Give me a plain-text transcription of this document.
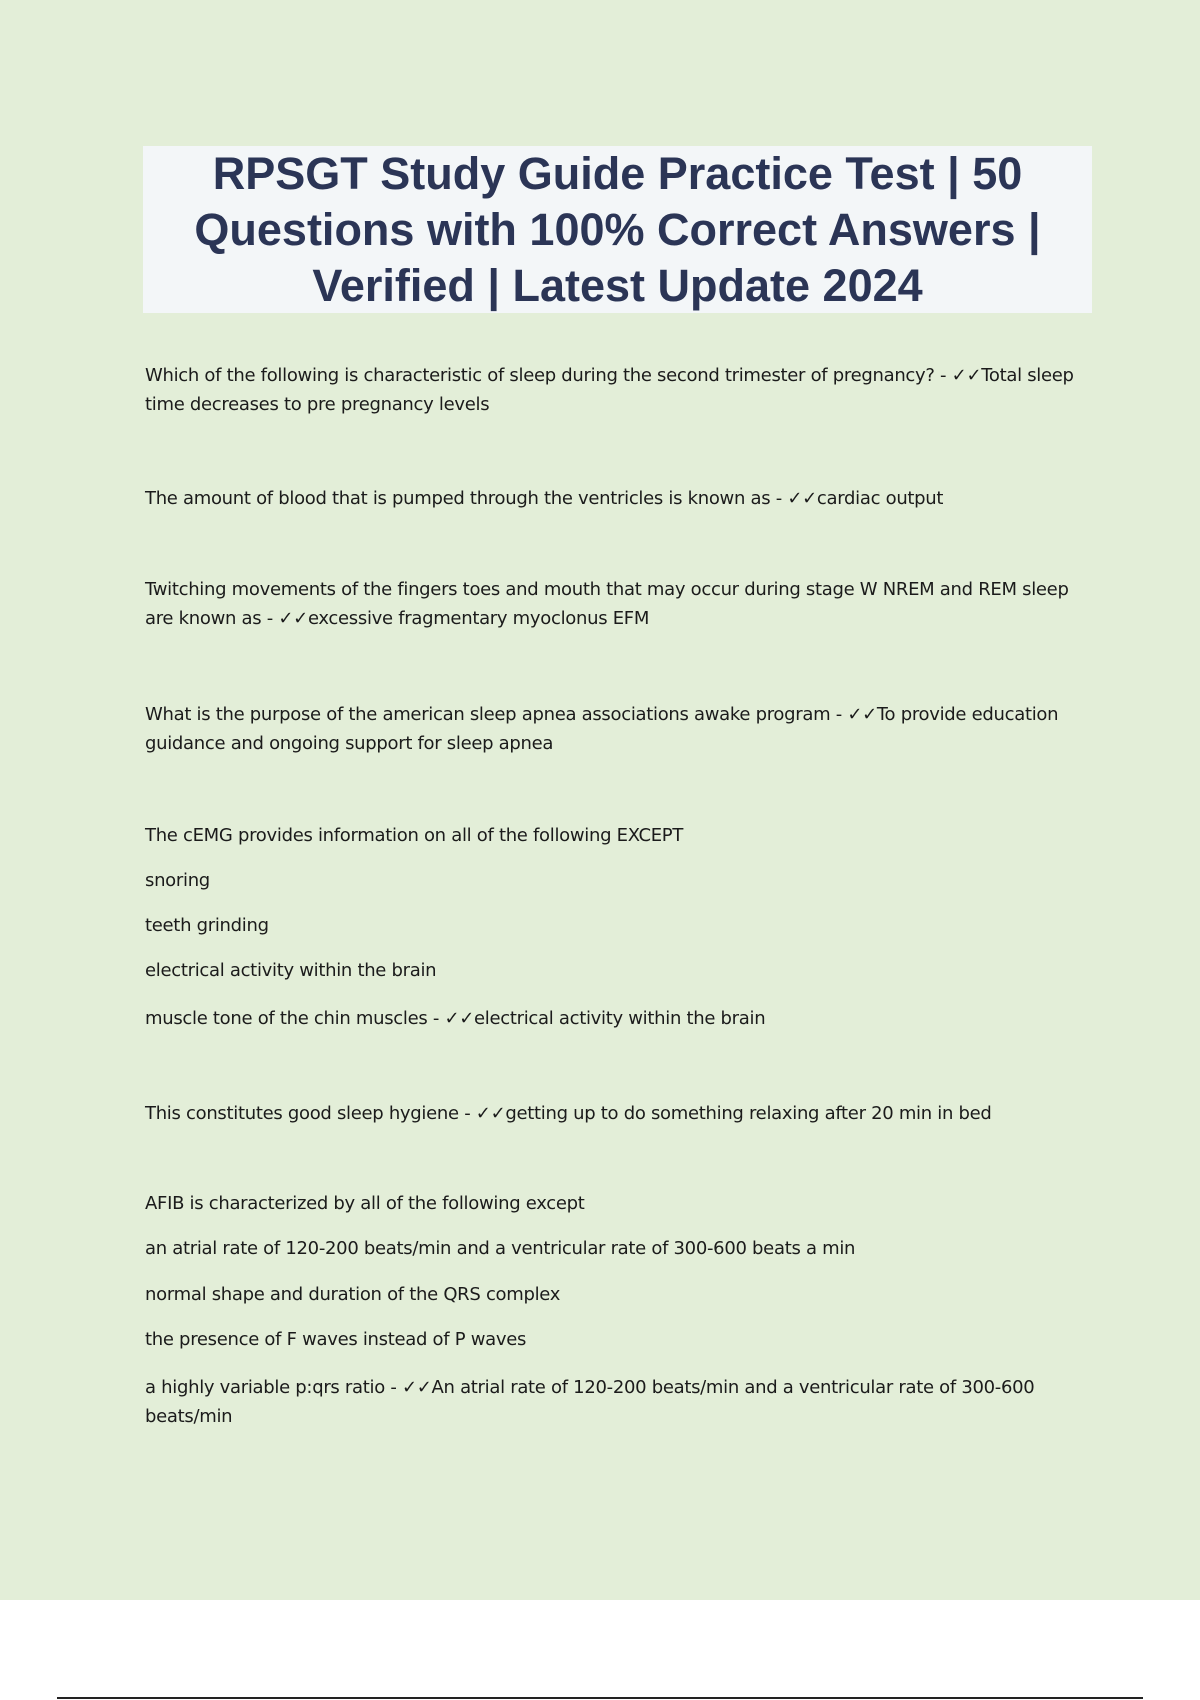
RPSGT Study Guide Practice Test | 50
Questions with 100% Correct Answers |
Verified | Latest Update 2024

Which of the following is characteristic of sleep during the second trimester of pregnancy? - ✓✓Total sleep time decreases to pre pregnancy levels

The amount of blood that is pumped through the ventricles is known as - ✓✓cardiac output

Twitching movements of the fingers toes and mouth that may occur during stage W NREM and REM sleep are known as - ✓✓excessive fragmentary myoclonus EFM

What is the purpose of the american sleep apnea associations awake program - ✓✓To provide education guidance and ongoing support for sleep apnea

The cEMG provides information on all of the following EXCEPT

snoring

teeth grinding

electrical activity within the brain

muscle tone of the chin muscles - ✓✓electrical activity within the brain

This constitutes good sleep hygiene - ✓✓getting up to do something relaxing after 20 min in bed

AFIB is characterized by all of the following except

an atrial rate of 120-200 beats/min and a ventricular rate of 300-600 beats a min

normal shape and duration of the QRS complex

the presence of F waves instead of P waves

a highly variable p:qrs ratio - ✓✓An atrial rate of 120-200 beats/min and a ventricular rate of 300-600 beats/min
